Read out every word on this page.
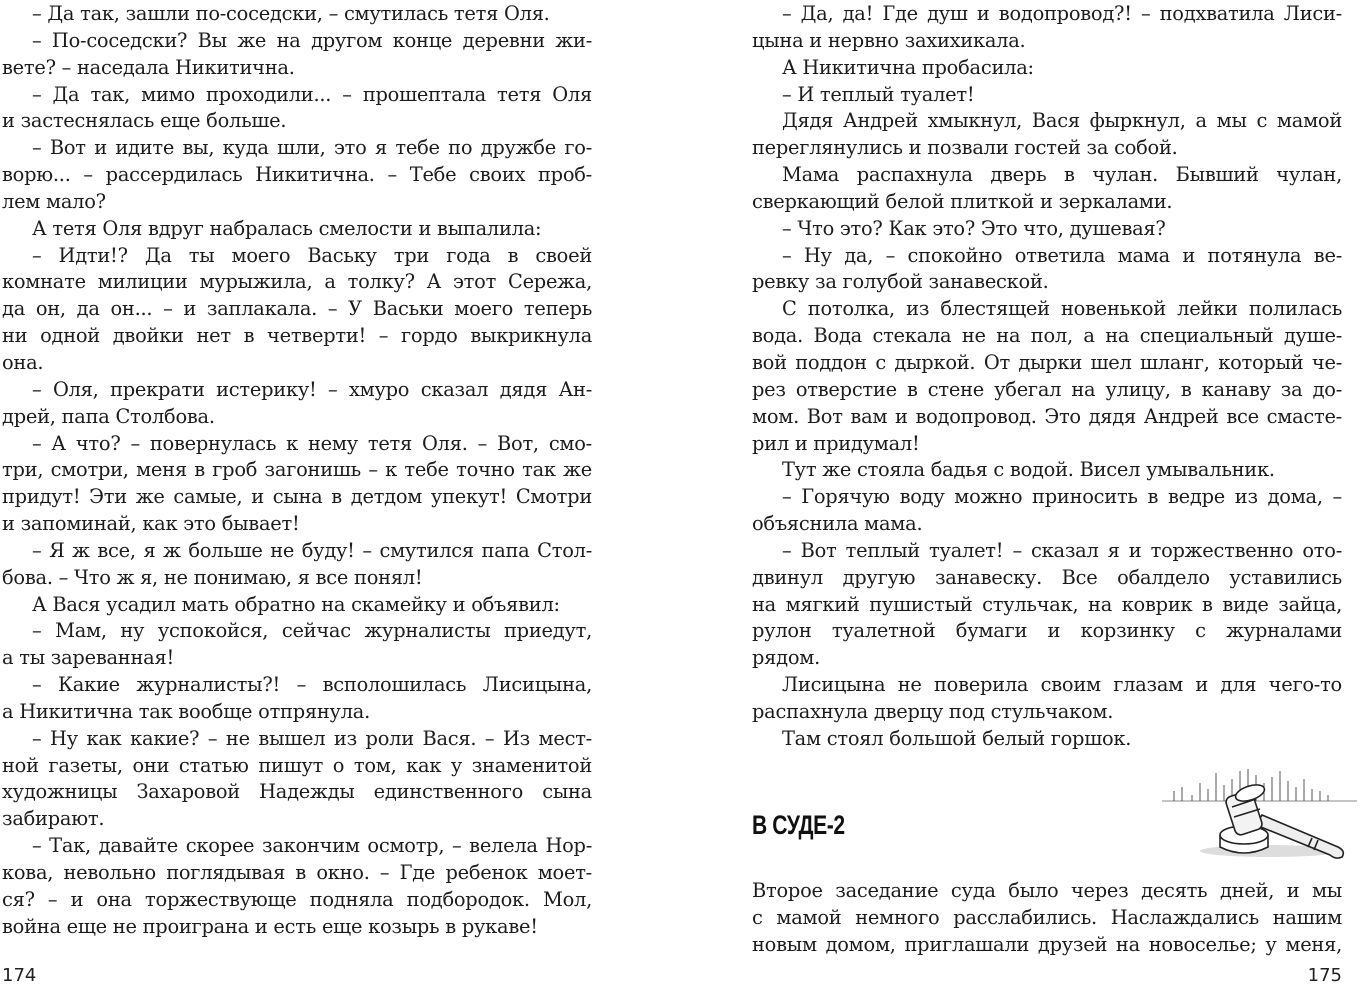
– Да так, зашли по-соседски, – смутилась тетя Оля.
– По-соседски? Вы же на другом конце деревни жи-
вете? – наседала Никитична.
– Да так, мимо проходили... – прошептала тетя Оля
и застеснялась еще больше.
– Вот и идите вы, куда шли, это я тебе по дружбе го-
ворю... – рассердилась Никитична. – Тебе своих проб-
лем мало?
А тетя Оля вдруг набралась смелости и выпалила:
– Идти!? Да ты моего Ваську три года в своей
комнате милиции мурыжила, а толку? А этот Сережа,
да он, да он... – и заплакала. – У Васьки моего теперь
ни одной двойки нет в четверти! – гордо выкрикнула
она.
– Оля, прекрати истерику! – хмуро сказал дядя Ан-
дрей, папа Столбова.
– А что? – повернулась к нему тетя Оля. – Вот, смо-
три, смотри, меня в гроб загонишь – к тебе точно так же
придут! Эти же самые, и сына в детдом упекут! Смотри
и запоминай, как это бывает!
– Я ж все, я ж больше не буду! – смутился папа Стол-
бова. – Что ж я, не понимаю, я все понял!
А Вася усадил мать обратно на скамейку и объявил:
– Мам, ну успокойся, сейчас журналисты приедут,
а ты зареванная!
– Какие журналисты?! – всполошилась Лисицына,
а Никитична так вообще отпрянула.
– Ну как какие? – не вышел из роли Вася. – Из мест-
ной газеты, они статью пишут о том, как у знаменитой
художницы Захаровой Надежды единственного сына
забирают.
– Так, давайте скорее закончим осмотр, – велела Нор-
кова, невольно поглядывая в окно. – Где ребенок моет-
ся? – и она торжествующе подняла подбородок. Мол,
война еще не проиграна и есть еще козырь в рукаве!
174
– Да, да! Где душ и водопровод?! – подхватила Лиси-
цына и нервно захихикала.
А Никитична пробасила:
– И теплый туалет!
Дядя Андрей хмыкнул, Вася фыркнул, а мы с мамой
переглянулись и позвали гостей за собой.
Мама распахнула дверь в чулан. Бывший чулан,
сверкающий белой плиткой и зеркалами.
– Что это? Как это? Это что, душевая?
– Ну да, – спокойно ответила мама и потянула ве-
ревку за голубой занавеской.
С потолка, из блестящей новенькой лейки полилась
вода. Вода стекала не на пол, а на специальный душе-
вой поддон с дыркой. От дырки шел шланг, который че-
рез отверстие в стене убегал на улицу, в канаву за до-
мом. Вот вам и водопровод. Это дядя Андрей все смасте-
рил и придумал!
Тут же стояла бадья с водой. Висел умывальник.
– Горячую воду можно приносить в ведре из дома, –
объяснила мама.
– Вот теплый туалет! – сказал я и торжественно ото-
двинул другую занавеску. Все обалдело уставились
на мягкий пушистый стульчак, на коврик в виде зайца,
рулон туалетной бумаги и корзинку с журналами
рядом.
Лисицына не поверила своим глазам и для чего-то
распахнула дверцу под стульчаком.
Там стоял большой белый горшок.
В СУДЕ-2
Второе заседание суда было через десять дней, и мы
с мамой немного расслабились. Наслаждались нашим
новым домом, приглашали друзей на новоселье; у меня,
175
